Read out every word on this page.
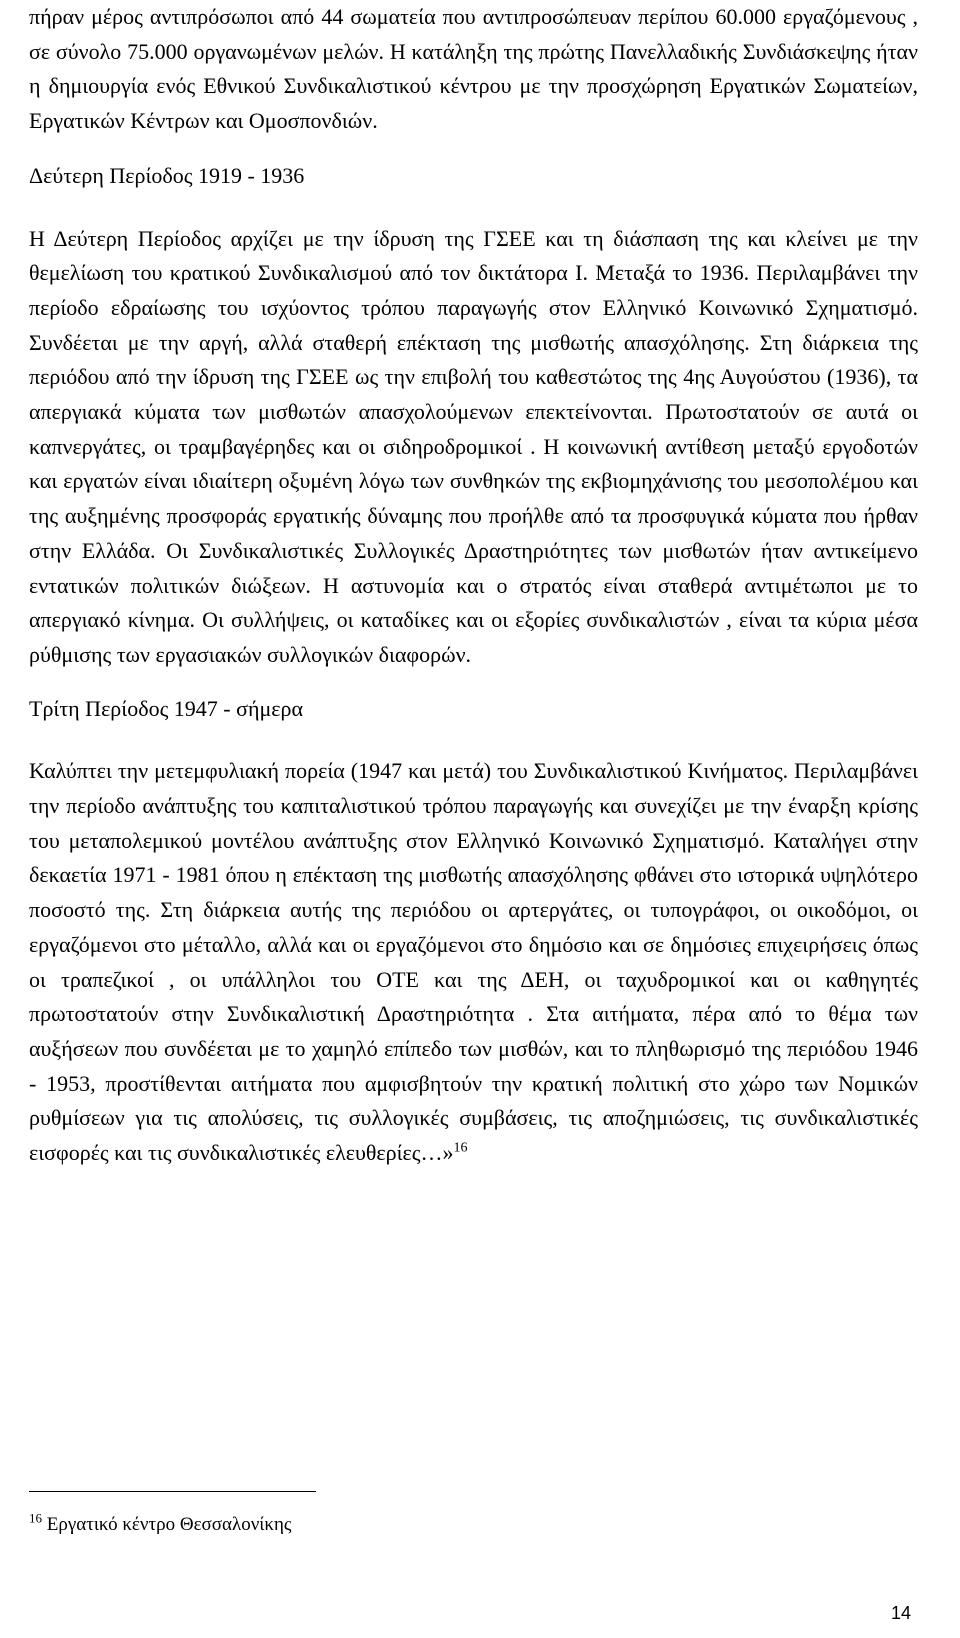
πήραν μέρος αντιπρόσωποι από 44 σωματεία που αντιπροσώπευαν περίπου 60.000 εργαζόμενους , σε σύνολο 75.000 οργανωμένων μελών. Η κατάληξη της πρώτης Πανελλαδικής Συνδιάσκεψης ήταν η δημιουργία ενός Εθνικού Συνδικαλιστικού κέντρου με την προσχώρηση Εργατικών Σωματείων, Εργατικών Κέντρων και Ομοσπονδιών.

Δεύτερη Περίοδος 1919 - 1936

Η Δεύτερη Περίοδος αρχίζει με την ίδρυση της ΓΣΕΕ και τη διάσπαση της και κλείνει με την θεμελίωση του κρατικού Συνδικαλισμού από τον δικτάτορα Ι. Μεταξά το 1936. Περιλαμβάνει την περίοδο εδραίωσης του ισχύοντος τρόπου παραγωγής στον Ελληνικό Κοινωνικό Σχηματισμό. Συνδέεται με την αργή, αλλά σταθερή επέκταση της μισθωτής απασχόλησης. Στη διάρκεια της περιόδου από την ίδρυση της ΓΣΕΕ ως την επιβολή του καθεστώτος της 4ης Αυγούστου (1936), τα απεργιακά κύματα των μισθωτών απασχολούμενων επεκτείνονται. Πρωτοστατούν σε αυτά οι καπνεργάτες, οι τραμβαγέρηδες και οι σιδηροδρομικοί . Η κοινωνική αντίθεση μεταξύ εργοδοτών και εργατών είναι ιδιαίτερη οξυμένη λόγω των συνθηκών της εκβιομηχάνισης του μεσοπολέμου και της αυξημένης προσφοράς εργατικής δύναμης που προήλθε από τα προσφυγικά κύματα που ήρθαν στην Ελλάδα. Οι Συνδικαλιστικές Συλλογικές Δραστηριότητες των μισθωτών ήταν αντικείμενο εντατικών πολιτικών διώξεων. Η αστυνομία και ο στρατός είναι σταθερά αντιμέτωποι με το απεργιακό κίνημα. Οι συλλήψεις, οι καταδίκες και οι εξορίες συνδικαλιστών , είναι τα κύρια μέσα ρύθμισης των εργασιακών συλλογικών διαφορών.

Τρίτη Περίοδος 1947 - σήμερα

Καλύπτει την μετεμφυλιακή πορεία (1947 και μετά) του Συνδικαλιστικού Κινήματος. Περιλαμβάνει την περίοδο ανάπτυξης του καπιταλιστικού τρόπου παραγωγής και συνεχίζει με την έναρξη κρίσης του μεταπολεμικού μοντέλου ανάπτυξης στον Ελληνικό Κοινωνικό Σχηματισμό. Καταλήγει στην δεκαετία 1971 - 1981 όπου η επέκταση της μισθωτής απασχόλησης φθάνει στο ιστορικά υψηλότερο ποσοστό της. Στη διάρκεια αυτής της περιόδου οι αρτεργάτες, οι τυπογράφοι, οι οικοδόμοι, οι εργαζόμενοι στο μέταλλο, αλλά και οι εργαζόμενοι στο δημόσιο και σε δημόσιες επιχειρήσεις όπως οι τραπεζικοί , οι υπάλληλοι του ΟΤΕ και της ΔΕΗ, οι ταχυδρομικοί και οι καθηγητές πρωτοστατούν στην Συνδικαλιστική Δραστηριότητα . Στα αιτήματα, πέρα από το θέμα των αυξήσεων που συνδέεται με το χαμηλό επίπεδο των μισθών, και το πληθωρισμό της περιόδου 1946 - 1953, προστίθενται αιτήματα που αμφισβητούν την κρατική πολιτική στο χώρο των Νομικών ρυθμίσεων για τις απολύσεις, τις συλλογικές συμβάσεις, τις αποζημιώσεις, τις συνδικαλιστικές εισφορές και τις συνδικαλιστικές ελευθερίες…»$^{16}$

$^{16}$ Εργατικό κέντρο Θεσσαλονίκης
14
